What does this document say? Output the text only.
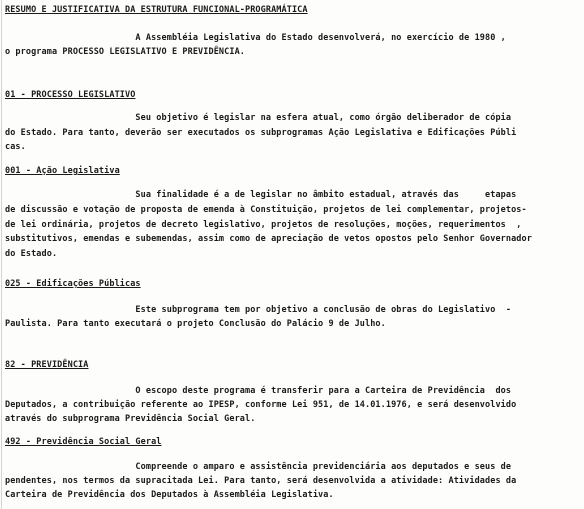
RESUMO E JUSTIFICATIVA DA ESTRUTURA FUNCIONAL-PROGRAMÁTICA
A Assembléia Legislativa do Estado desenvolverá, no exercício de 1980 ,
o programa PROCESSO LEGISLATIVO E PREVIDÊNCIA.
01 - PROCESSO LEGISLATIVO
Seu objetivo é legislar na esfera atual, como órgão deliberador de cópia
do Estado. Para tanto, deverão ser executados os subprogramas Ação Legislativa e Edificações Públi
cas.
001 - Ação Legislativa
Sua finalidade é a de legislar no âmbito estadual, através das     etapas
de discussão e votação de proposta de emenda à Constituição, projetos de lei complementar, projetos-
de lei ordinária, projetos de decreto legislativo, projetos de resoluções, moções, requerimentos  ,
substitutivos, emendas e subemendas, assim como de apreciação de vetos opostos pelo Senhor Governador
do Estado.
025 - Edificações Públicas
Este subprograma tem por objetivo a conclusão de obras do Legislativo  -
Paulista. Para tanto executará o projeto Conclusão do Palácio 9 de Julho.
82 - PREVIDÊNCIA
O escopo deste programa é transferir para a Carteira de Previdência  dos
Deputados, a contribuição referente ao IPESP, conforme Lei 951, de 14.01.1976, e será desenvolvido
através do subprograma Previdência Social Geral.
492 - Previdência Social Geral
Compreende o amparo e assistência previdenciária aos deputados e seus de
pendentes, nos termos da supracitada Lei. Para tanto, será desenvolvida a atividade: Atividades da
Carteira de Previdência dos Deputados à Assembléia Legislativa.
